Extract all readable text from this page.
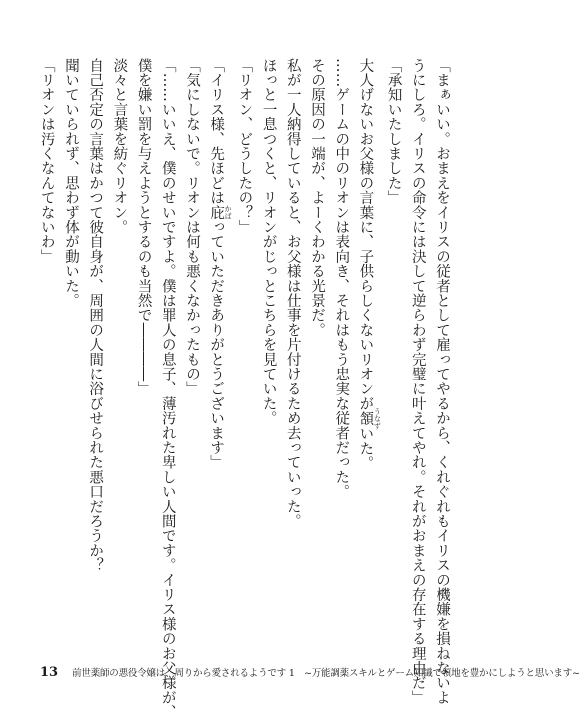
「まぁいい。おまえをイリスの従者として雇ってやるから、くれぐれもイリスの機嫌を損ねないよ
うにしろ。イリスの命令には決して逆らわず完璧に叶えてやれ。それがおまえの存在する理由だ」
「承知いたしました」
大人げないお父様の言葉に、子供らしくないリオンが頷 うなずいた。
……ゲームの中のリオンは表向き、それはもう忠実な従者だった。
その原因の一端が、よーくわかる光景だ。
私が一人納得していると、お父様は仕事を片付けるため去っていった。
ほっと一息つくと、リオンがじっとこちらを見ていた。
「リオン、どうしたの？」
「イリス様、先ほどは庇 かばっていただきありがとうございます」
「気にしないで。リオンは何も悪くなかったもの」
「……いいえ、僕のせいですよ。僕は罪人の息子、薄汚れた卑しい人間です。イリス様のお父様が、
僕を嫌い罰を与えようとするのも当然で――――」
淡々と言葉を紡ぐリオン。
自己否定の言葉はかつて彼自身が、周囲の人間に浴びせられた悪口だろうか？
聞いていられず、思わず体が動いた。
「リオンは汚くなんてないわ」
13 前世薬師の悪役令嬢は、周りから愛されるようです 1　~万能調薬スキルとゲーム知識で領地を豊かにしようと思います~
